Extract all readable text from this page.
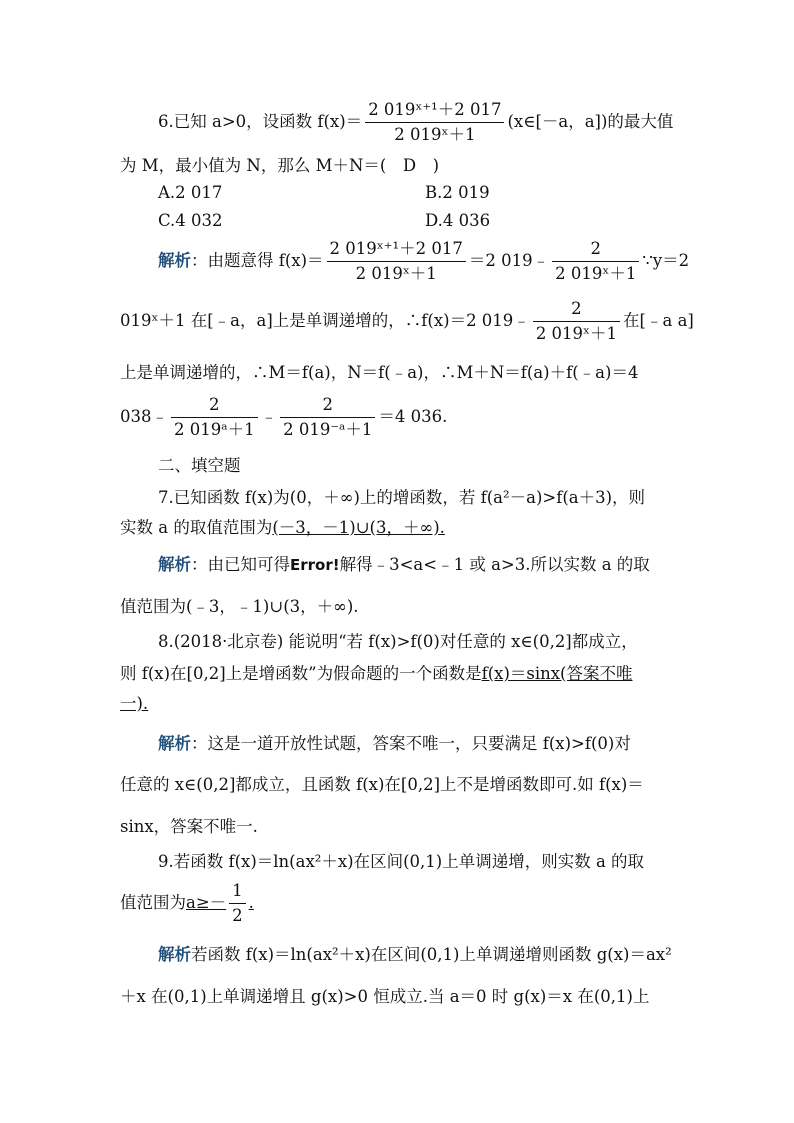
6.已知 a>0，设函数 $f(x)= \frac{\text{2 019ˣ⁺¹＋2 017}}{\text{2 019ˣ＋1}}$ (x∈[－a，a])的最大值
为 M，最小值为 N，那么 M＋N＝(　D　)
A.2 017	B.2 019
C.4 032	D.4 036
解析：由题意得 $f(x)= \frac{\text{2 019ˣ⁺¹＋2 017}}{\text{2 019ˣ＋1}} =2$ 019﹣ $\frac{2}{\text{2 019ˣ＋1}}$ ∵y＝2
019ˣ＋1 在[﹣a，a]上是单调递增的，∴f(x)＝2 019﹣ $\frac{2}{\text{2 019ˣ＋1}}$ 在[﹣a a]
上是单调递增的，∴M＝f(a)，N＝f(﹣a)，∴M＋N＝f(a)＋f(﹣a)＝4
038﹣ $\frac{2}{\text{2 019ᵃ＋1}}$ ﹣ $\frac{2}{\text{2 019⁻ᵃ＋1}} =4$ 036.
二、填空题
7.已知函数 f(x)为(0，＋∞)上的增函数，若 f(a²－a)>f(a＋3)，则
实数 a 的取值范围为(－3，－1)∪(3，＋∞).
解析：由已知可得Error!解得﹣3<a<﹣1 或 a>3.所以实数 a 的取
值范围为(﹣3，﹣1)∪(3，＋∞).
8.(2018·北京卷) 能说明“若 f(x)>f(0)对任意的 x∈(0,2]都成立，
则 f(x)在[0,2]上是增函数”为假命题的一个函数是f(x)＝sinx(答案不唯
一).
解析：这是一道开放性试题，答案不唯一，只要满足 f(x)>f(0)对
任意的 x∈(0,2]都成立，且函数 f(x)在[0,2]上不是增函数即可.如 f(x)＝
sinx，答案不唯一.
9.若函数 f(x)＝ln(ax²＋x)在区间(0,1)上单调递增，则实数 a 的取
值范围为$a\ge- \frac{1}{2}$ .
解析若函数 f(x)＝ln(ax²＋x)在区间(0,1)上单调递增则函数 g(x)＝ax²
＋x 在(0,1)上单调递增且 g(x)>0 恒成立.当 a＝0 时 g(x)＝x 在(0,1)上
